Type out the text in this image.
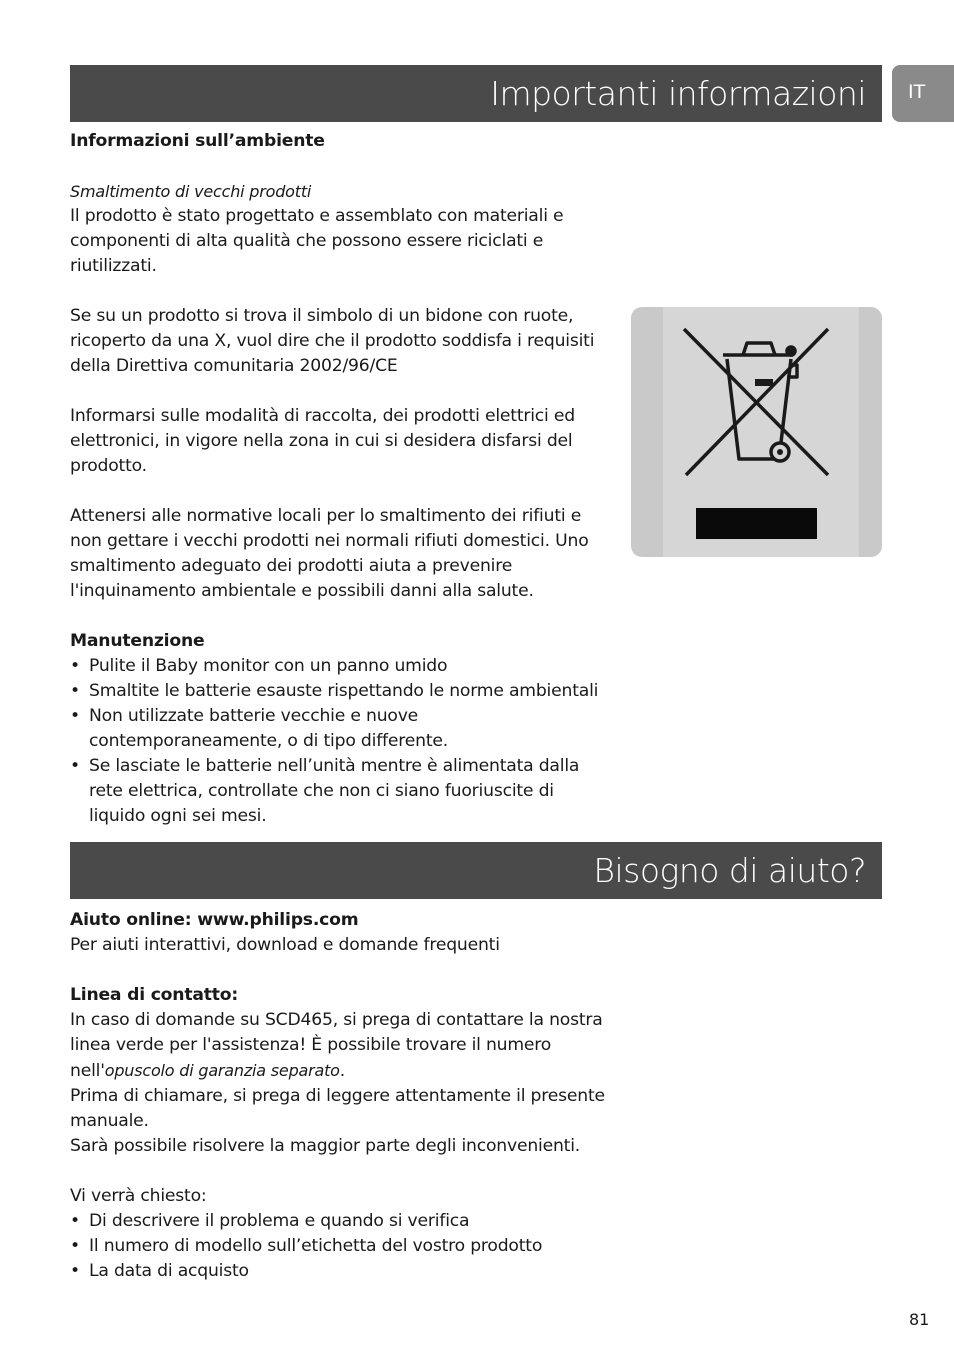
Importanti informazioni	IT

Informazioni sull’ambiente

Smaltimento di vecchi prodotti

Il prodotto è stato progettato e assemblato con materiali e componenti di alta qualità che possono essere riciclati e riutilizzati.

Se su un prodotto si trova il simbolo di un bidone con ruote, ricoperto da una X, vuol dire che il prodotto soddisfa i requisiti della Direttiva comunitaria 2002/96/CE

Informarsi sulle modalità di raccolta, dei prodotti elettrici ed elettronici, in vigore nella zona in cui si desidera disfarsi del prodotto.

Attenersi alle normative locali per lo smaltimento dei rifiuti e non gettare i vecchi prodotti nei normali rifiuti domestici. Uno smaltimento adeguato dei prodotti aiuta a prevenire l'inquinamento ambientale e possibili danni alla salute.

Manutenzione

• Pulite il Baby monitor con un panno umido
• Smaltite le batterie esauste rispettando le norme ambientali
• Non utilizzate batterie vecchie e nuove contemporaneamente, o di tipo differente.
• Se lasciate le batterie nell’unità mentre è alimentata dalla rete elettrica, controllate che non ci siano fuoriuscite di liquido ogni sei mesi.
Bisogno di aiuto?

Aiuto online: www.philips.com

Per aiuti interattivi, download e domande frequenti

Linea di contatto:

In caso di domande su SCD465, si prega di contattare la nostra linea verde per l'assistenza! È possibile trovare il numero nell'opuscolo di garanzia separato.

Prima di chiamare, si prega di leggere attentamente il presente manuale.

Sarà possibile risolvere la maggior parte degli inconvenienti.

Vi verrà chiesto:

• Di descrivere il problema e quando si verifica
• Il numero di modello sull’etichetta del vostro prodotto
• La data di acquisto
81
